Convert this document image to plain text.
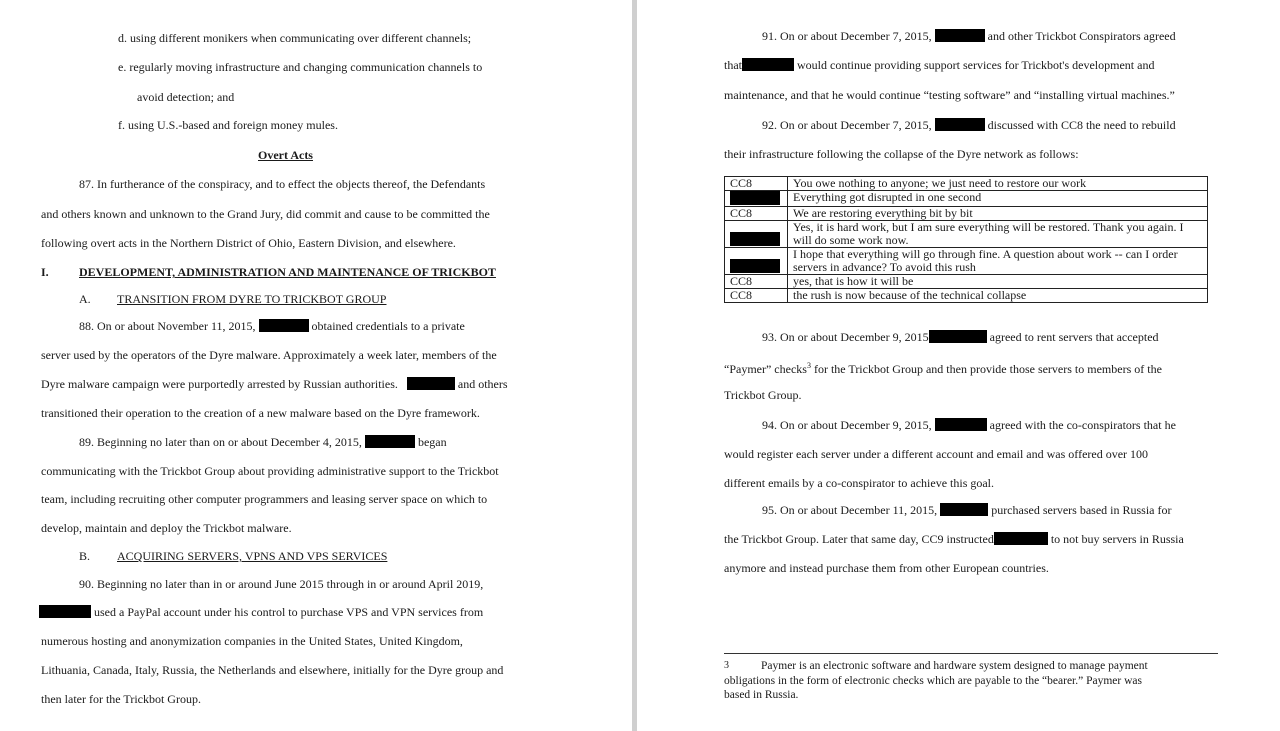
d. using different monikers when communicating over different channels;
e. regularly moving infrastructure and changing communication channels to
avoid detection; and
f. using U.S.-based and foreign money mules.
Overt Acts
87. In furtherance of the conspiracy, and to effect the objects thereof, the Defendants
and others known and unknown to the Grand Jury, did commit and cause to be committed the
following overt acts in the Northern District of Ohio, Eastern Division, and elsewhere.
I.	DEVELOPMENT, ADMINISTRATION AND MAINTENANCE OF TRICKBOT
A. TRANSITION FROM DYRE TO TRICKBOT GROUP
88. On or about November 11, 2015,	obtained credentials to a private
server used by the operators of the Dyre malware. Approximately a week later, members of the
Dyre malware campaign were purportedly arrested by Russian authorities.	and others
transitioned their operation to the creation of a new malware based on the Dyre framework.
89. Beginning no later than on or about December 4, 2015,	began
communicating with the Trickbot Group about providing administrative support to the Trickbot
team, including recruiting other computer programmers and leasing server space on which to
develop, maintain and deploy the Trickbot malware.
B. ACQUIRING SERVERS, VPNS AND VPS SERVICES
90. Beginning no later than in or around June 2015 through in or around April 2019,
used a PayPal account under his control to purchase VPS and VPN services from
numerous hosting and anonymization companies in the United States, United Kingdom,
Lithuania, Canada, Italy, Russia, the Netherlands and elsewhere, initially for the Dyre group and
then later for the Trickbot Group.
91. On or about December 7, 2015,	and other Trickbot Conspirators agreed
that	would continue providing support services for Trickbot's development and
maintenance, and that he would continue “testing software” and “installing virtual machines.”
92. On or about December 7, 2015,	discussed with CC8 the need to rebuild
their infrastructure following the collapse of the Dyre network as follows:
CC8	You owe nothing to anyone; we just need to restore our work
	Everything got disrupted in one second
CC8	We are restoring everything bit by bit
	Yes, it is hard work, but I am sure everything will be restored. Thank you again. I will do some work now.
	I hope that everything will go through fine. A question about work -- can I order servers in advance? To avoid this rush
CC8	yes, that is how it will be
CC8	the rush is now because of the technical collapse
93. On or about December 9, 2015	agreed to rent servers that accepted
“Paymer” checks$^3$ for the Trickbot Group and then provide those servers to members of the
Trickbot Group.
94. On or about December 9, 2015,	agreed with the co-conspirators that he
would register each server under a different account and email and was offered over 100
different emails by a co-conspirator to achieve this goal.
95. On or about December 11, 2015,	purchased servers based in Russia for
the Trickbot Group. Later that same day, CC9 instructed	to not buy servers in Russia
anymore and instead purchase them from other European countries.
3	Paymer is an electronic software and hardware system designed to manage payment
obligations in the form of electronic checks which are payable to the “bearer.” Paymer was
based in Russia.
